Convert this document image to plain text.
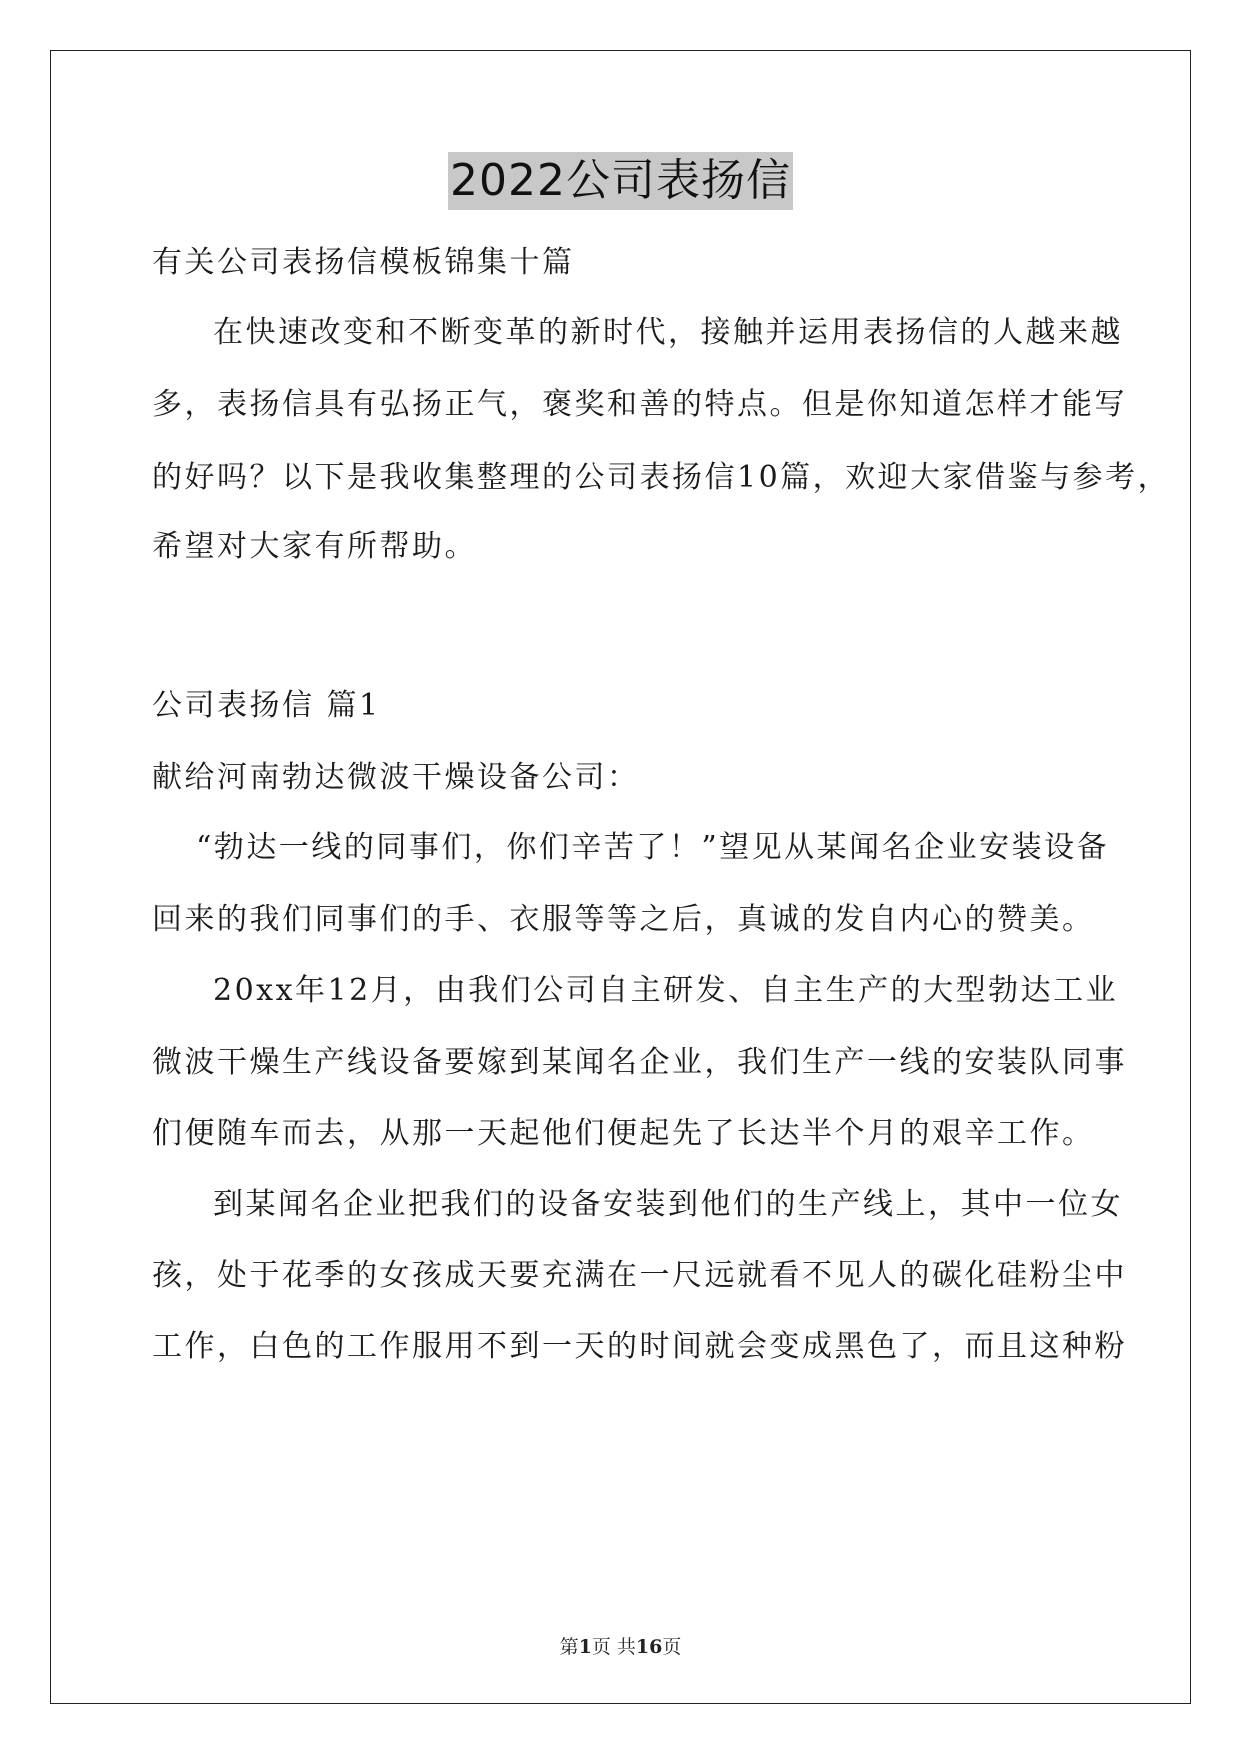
2022公司表扬信
有关公司表扬信模板锦集十篇
在快速改变和不断变革的新时代，接触并运用表扬信的人越来越
多，表扬信具有弘扬正气，褒奖和善的特点。但是你知道怎样才能写
的好吗？以下是我收集整理的公司表扬信10篇，欢迎大家借鉴与参考，
希望对大家有所帮助。
公司表扬信 篇1
献给河南勃达微波干燥设备公司：
“勃达一线的同事们，你们辛苦了！”望见从某闻名企业安装设备
回来的我们同事们的手、衣服等等之后，真诚的发自内心的赞美。
20xx年12月，由我们公司自主研发、自主生产的大型勃达工业
微波干燥生产线设备要嫁到某闻名企业，我们生产一线的安装队同事
们便随车而去，从那一天起他们便起先了长达半个月的艰辛工作。
到某闻名企业把我们的设备安装到他们的生产线上，其中一位女
孩，处于花季的女孩成天要充满在一尺远就看不见人的碳化硅粉尘中
工作，白色的工作服用不到一天的时间就会变成黑色了，而且这种粉
第1页 共16页
